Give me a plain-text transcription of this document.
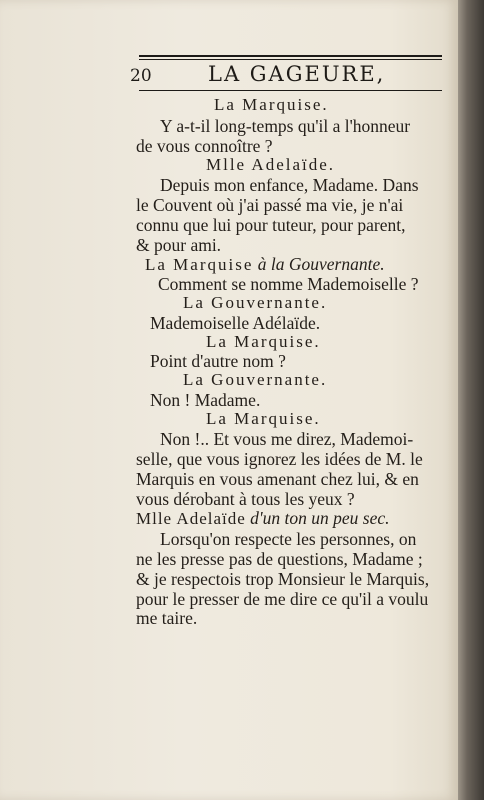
20	LA GAGEURE,
La Marquise.
Y a-t-il long-temps qu'il a l'honneur
de vous connoître ?
Mlle Adelaïde.
Depuis mon enfance, Madame. Dans
le Couvent où j'ai passé ma vie, je n'ai
connu que lui pour tuteur, pour parent,
& pour ami.
La Marquise à la Gouvernante.
Comment se nomme Mademoiselle ?
La Gouvernante.
Mademoiselle Adélaïde.
La Marquise.
Point d'autre nom ?
La Gouvernante.
Non ! Madame.
La Marquise.
Non !.. Et vous me direz, Mademoi-
selle, que vous ignorez les idées de M. le
Marquis en vous amenant chez lui, & en
vous dérobant à tous les yeux ?
Mlle Adelaïde d'un ton un peu sec.
Lorsqu'on respecte les personnes, on
ne les presse pas de questions, Madame ;
& je respectois trop Monsieur le Marquis,
pour le presser de me dire ce qu'il a voulu
me taire.
